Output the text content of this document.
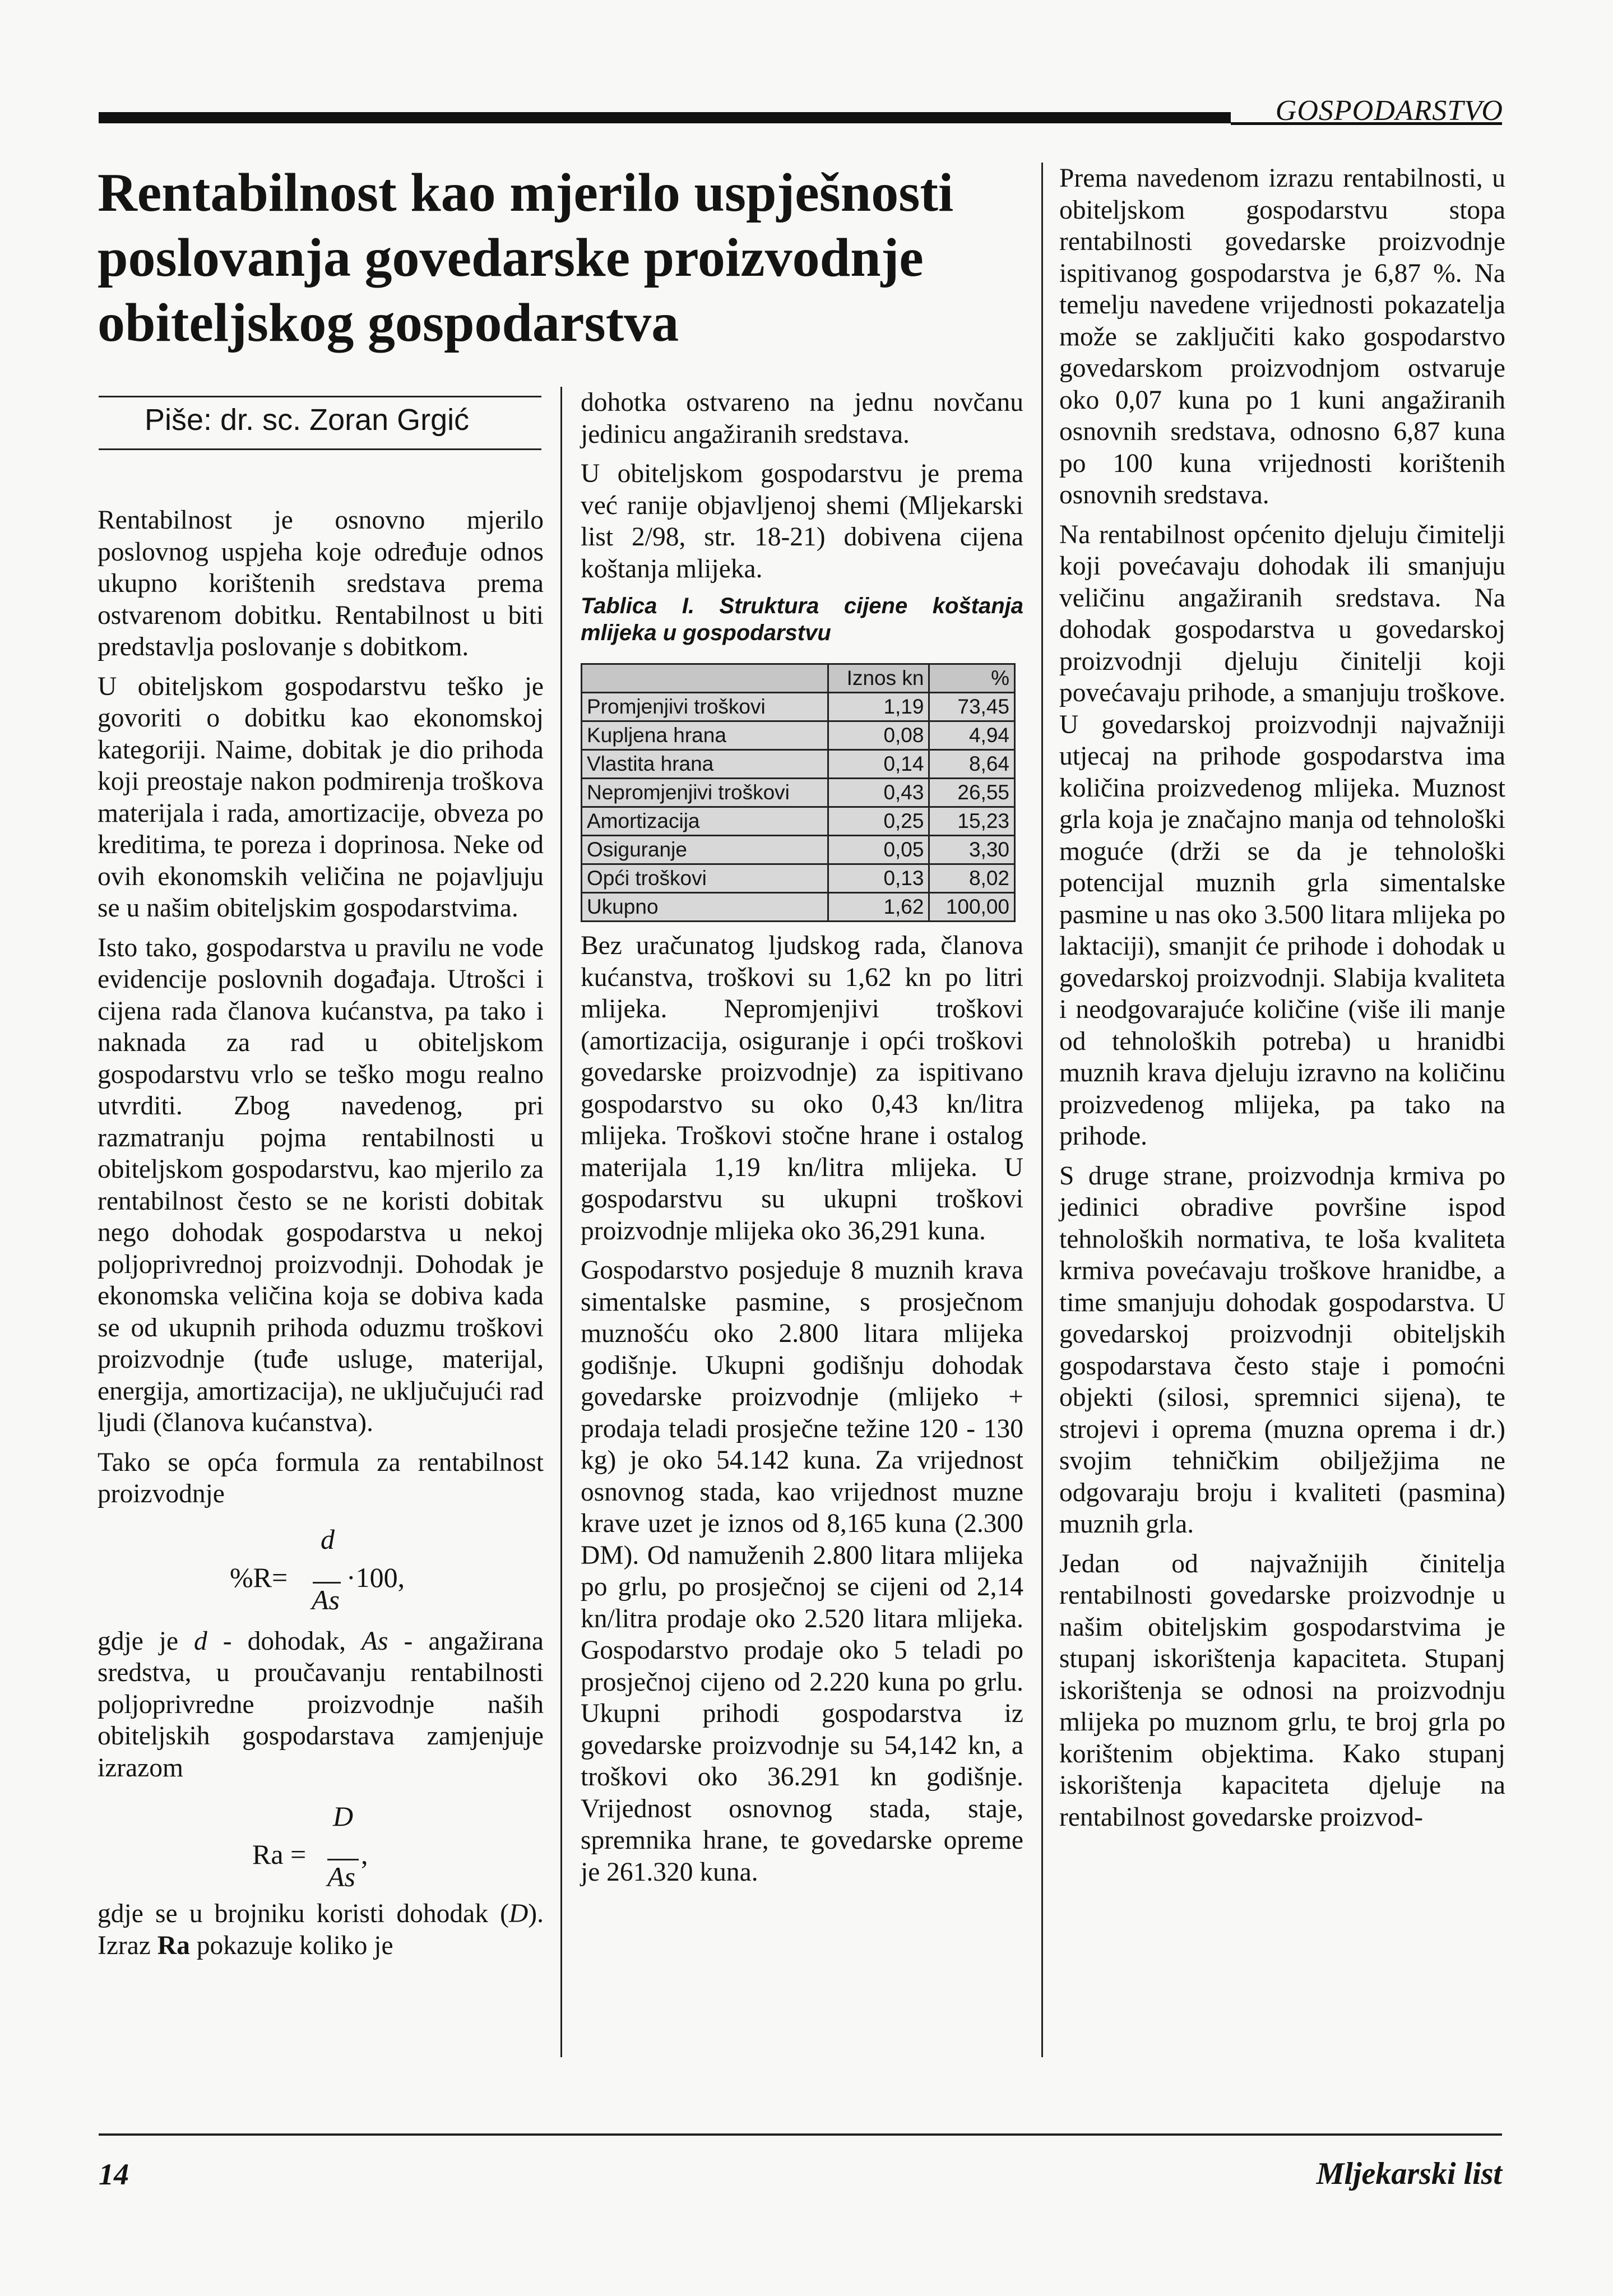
GOSPODARSTVO
Rentabilnost kao mjerilo uspješnosti poslovanja govedarske proizvodnje obiteljskog gospodarstva
Piše: dr. sc. Zoran Grgić

Rentabilnost je osnovno mjerilo poslovnog uspjeha koje određuje odnos ukupno korištenih sredstava prema ostvarenom dobitku. Rentabilnost u biti predstavlja poslovanje s dobitkom.

U obiteljskom gospodarstvu teško je govoriti o dobitku kao ekonomskoj kategoriji. Naime, dobitak je dio prihoda koji preostaje nakon podmirenja troškova materijala i rada, amortizacije, obveza po kreditima, te poreza i doprinosa. Neke od ovih ekonomskih veličina ne pojavljuju se u našim obiteljskim gospodarstvima.

Isto tako, gospodarstva u pravilu ne vode evidencije poslovnih događaja. Utrošci i cijena rada članova kućanstva, pa tako i naknada za rad u obiteljskom gospodarstvu vrlo se teško mogu realno utvrditi. Zbog navedenog, pri razmatranju pojma rentabilnosti u obiteljskom gospodarstvu, kao mjerilo za rentabilnost često se ne koristi dobitak nego dohodak gospodarstva u nekoj poljoprivrednoj proizvodnji. Dohodak je ekonomska veličina koja se dobiva kada se od ukupnih prihoda oduzmu troškovi proizvodnje (tuđe usluge, materijal, energija, amortizacija), ne uključujući rad ljudi (članova kućanstva).

Tako se opća formula za rentabilnost proizvodnje

%R=
d
As
·100,

gdje je d - dohodak, As - angažirana sredstva, u proučavanju rentabilnosti poljoprivredne proizvodnje naših obiteljskih gospodarstava zamjenjuje izrazom

Ra =
D
As
,

gdje se u brojniku koristi dohodak (D). Izraz Ra pokazuje koliko je

dohotka ostvareno na jednu novčanu jedinicu angažiranih sredstava.

U obiteljskom gospodarstvu je prema već ranije objavljenoj shemi (Mljekarski list 2/98, str. 18-21) dobivena cijena koštanja mlijeka.

Tablica I. Struktura cijene koštanja mlijeka u gospodarstvu
	Iznos kn	%
Promjenjivi troškovi	1,19	73,45
Kupljena hrana	0,08	4,94
Vlastita hrana	0,14	8,64
Nepromjenjivi troškovi	0,43	26,55
Amortizacija	0,25	15,23
Osiguranje	0,05	3,30
Opći troškovi	0,13	8,02
Ukupno	1,62	100,00

Bez uračunatog ljudskog rada, članova kućanstva, troškovi su 1,62 kn po litri mlijeka. Nepromjenjivi troškovi (amortizacija, osiguranje i opći troškovi govedarske proizvodnje) za ispitivano gospodarstvo su oko 0,43 kn/litra mlijeka. Troškovi stočne hrane i ostalog materijala 1,19 kn/litra mlijeka. U gospodarstvu su ukupni troškovi proizvodnje mlijeka oko 36,291 kuna.

Gospodarstvo posjeduje 8 muznih krava simentalske pasmine, s prosječnom muznošću oko 2.800 litara mlijeka godišnje. Ukupni godišnju dohodak govedarske proizvodnje (mlijeko + prodaja teladi prosječne težine 120 - 130 kg) je oko 54.142 kuna. Za vrijednost osnovnog stada, kao vrijednost muzne krave uzet je iznos od 8,165 kuna (2.300 DM). Od namuženih 2.800 litara mlijeka po grlu, po prosječnoj se cijeni od 2,14 kn/litra prodaje oko 2.520 litara mlijeka. Gospodarstvo prodaje oko 5 teladi po prosječnoj cijeno od 2.220 kuna po grlu. Ukupni prihodi gospodarstva iz govedarske proizvodnje su 54,142 kn, a troškovi oko 36.291 kn godišnje. Vrijednost osnovnog stada, staje, spremnika hrane, te govedarske opreme je 261.320 kuna.

Prema navedenom izrazu rentabilnosti, u obiteljskom gospodarstvu stopa rentabilnosti govedarske proizvodnje ispitivanog gospodarstva je 6,87 %. Na temelju navedene vrijednosti pokazatelja može se zaključiti kako gospodarstvo govedarskom proizvodnjom ostvaruje oko 0,07 kuna po 1 kuni angažiranih osnovnih sredstava, odnosno 6,87 kuna po 100 kuna vrijednosti korištenih osnovnih sredstava.

Na rentabilnost općenito djeluju čimitelji koji povećavaju dohodak ili smanjuju veličinu angažiranih sredstava. Na dohodak gospodarstva u govedarskoj proizvodnji djeluju činitelji koji povećavaju prihode, a smanjuju troškove. U govedarskoj proizvodnji najvažniji utjecaj na prihode gospodarstva ima količina proizvedenog mlijeka. Muznost grla koja je značajno manja od tehnološki moguće (drži se da je tehnološki potencijal muznih grla simentalske pasmine u nas oko 3.500 litara mlijeka po laktaciji), smanjit će prihode i dohodak u govedarskoj proizvodnji. Slabija kvaliteta i neodgovarajuće količine (više ili manje od tehnoloških potreba) u hranidbi muznih krava djeluju izravno na količinu proizvedenog mlijeka, pa tako na prihode.

S druge strane, proizvodnja krmiva po jedinici obradive površine ispod tehnoloških normativa, te loša kvaliteta krmiva povećavaju troškove hranidbe, a time smanjuju dohodak gospodarstva. U govedarskoj proizvodnji obiteljskih gospodarstava često staje i pomoćni objekti (silosi, spremnici sijena), te strojevi i oprema (muzna oprema i dr.) svojim tehničkim obilježjima ne odgovaraju broju i kvaliteti (pasmina) muznih grla.

Jedan od najvažnijih činitelja rentabilnosti govedarske proizvodnje u našim obiteljskim gospodarstvima je stupanj iskorištenja kapaciteta. Stupanj iskorištenja se odnosi na proizvodnju mlijeka po muznom grlu, te broj grla po korištenim objektima. Kako stupanj iskorištenja kapaciteta djeluje na rentabilnost govedarske proizvod-

14	Mljekarski list
